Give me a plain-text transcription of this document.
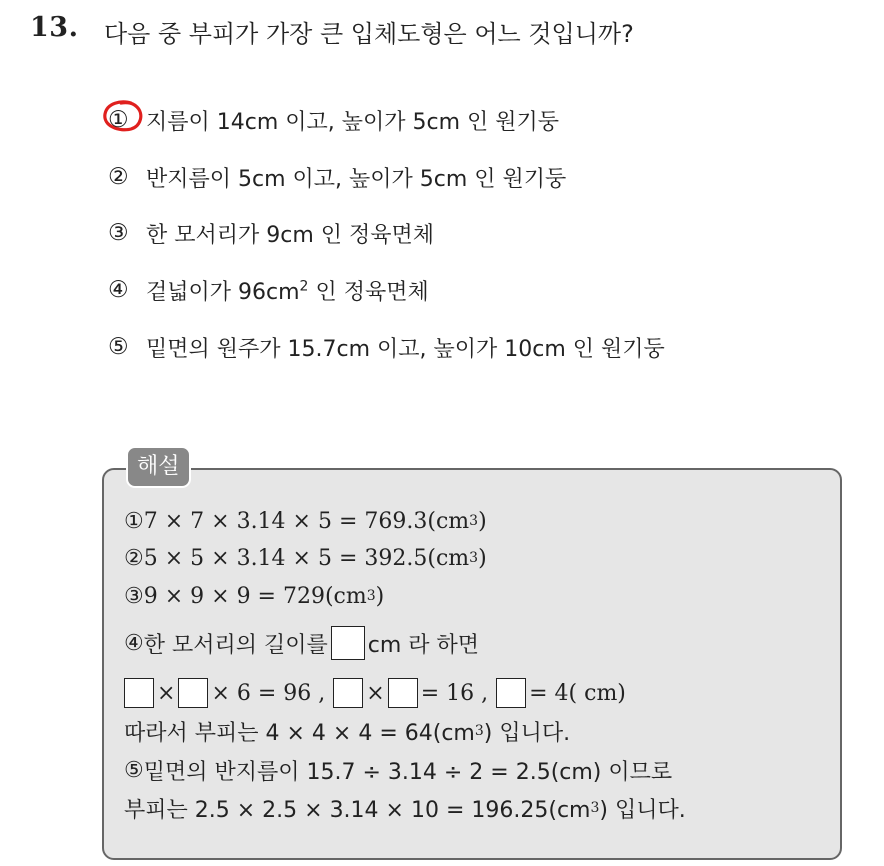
13. 다음 중 부피가 가장 큰 입체도형은 어느 것입니까?
① 지름이 14cm 이고, 높이가 5cm 인 원기둥
② 반지름이 5cm 이고, 높이가 5cm 인 원기둥
③ 한 모서리가 9cm 인 정육면체
④ 겉넓이가 $96cm^2$ 인 정육면체
⑤ 밑면의 원주가 15.7cm 이고, 높이가 10cm 인 원기둥
해설
① 7 × 7 × 3.14 × 5 = 769.3(cm 3 )
② 5 × 5 × 3.14 × 5 = 392.5(cm 3 )
③ 9 × 9 × 9 = 729(cm 3 )
④ 한 모서리의 길이를 cm 라 하면
× × 6 = 96 , × = 16 , = 4( cm)
따라서 부피는 4 × 4 × 4 = 64(cm 3 ) 입니다.
⑤ 밑면의 반지름이 15.7 ÷ 3.14 ÷ 2 = 2.5(cm) 이므로
부피는 2.5 × 2.5 × 3.14 × 10 = 196.25(cm 3 ) 입니다.
